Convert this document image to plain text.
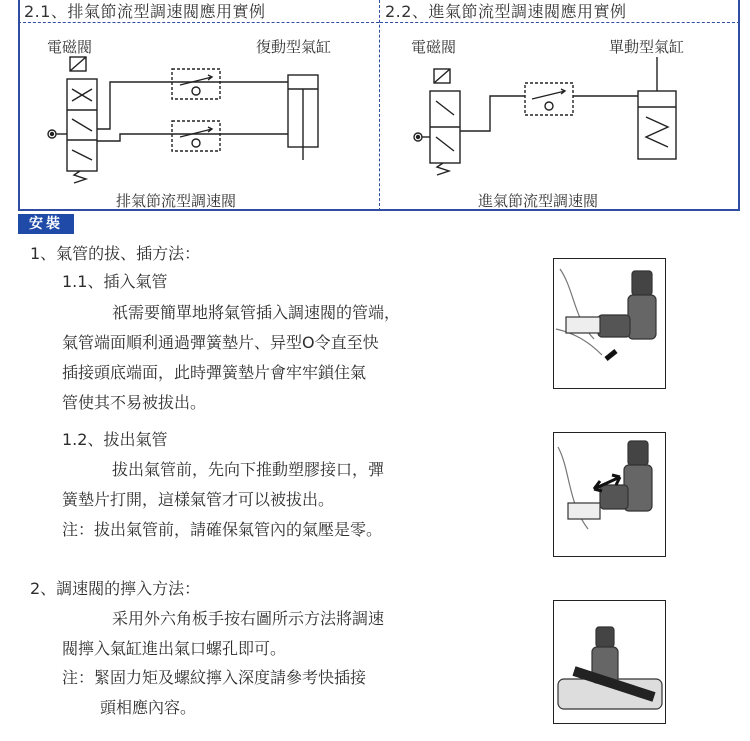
2.1、排氣節流型調速閥應用實例	2.2、進氣節流型調速閥應用實例
電磁閥	復動型氣缸	電磁閥	單動型氣缸
排氣節流型調速閥	進氣節流型調速閥
安裝
1、氣管的拔、插方法：
1.1、插入氣管
祇需要簡單地將氣管插入調速閥的管端，
氣管端面順利通過彈簧墊片、异型O令直至快
插接頭底端面，此時彈簧墊片會牢牢鎖住氣
管使其不易被拔出。
1.2、拔出氣管
拔出氣管前，先向下推動塑膠接口，彈
簧墊片打開，這樣氣管才可以被拔出。
注：拔出氣管前，請確保氣管內的氣壓是零。
2、調速閥的擰入方法：
采用外六角板手按右圖所示方法將調速
閥擰入氣缸進出氣口螺孔即可。
注：緊固力矩及螺紋擰入深度請參考快插接
頭相應內容。
